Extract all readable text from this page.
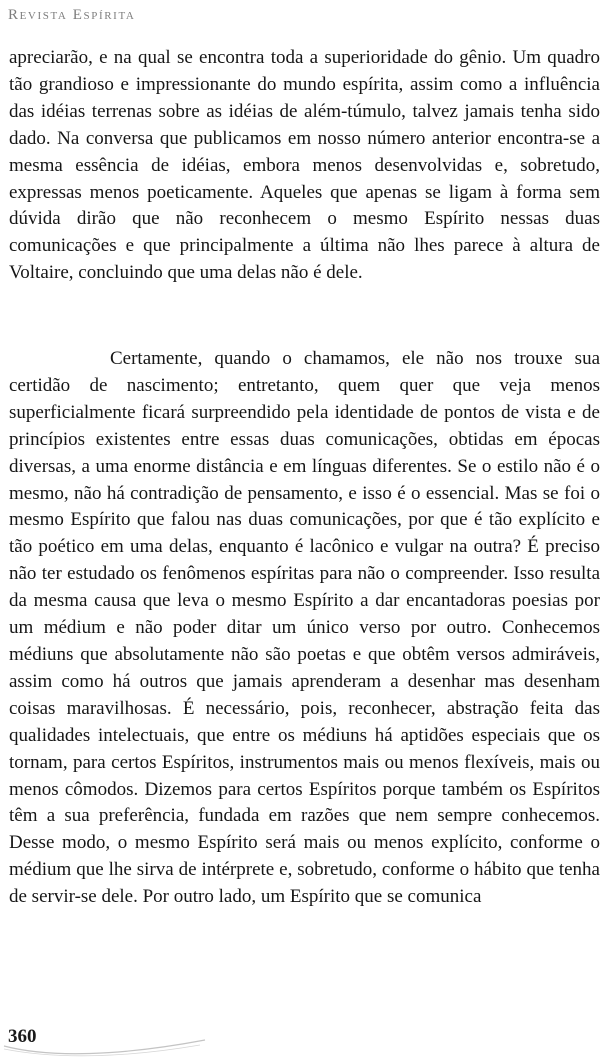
Revista Espírita

apreciarão, e na qual se encontra toda a superioridade do gênio. Um quadro tão grandioso e impressionante do mundo espírita, assim como a influência das idéias terrenas sobre as idéias de além-túmulo, talvez jamais tenha sido dado. Na conversa que publicamos em nosso número anterior encontra-se a mesma essência de idéias, embora menos desenvolvidas e, sobretudo, expressas menos poeticamente. Aqueles que apenas se ligam à forma sem dúvida dirão que não reconhecem o mesmo Espírito nessas duas comunicações e que principalmente a última não lhes parece à altura de Voltaire, concluindo que uma delas não é dele.

Certamente, quando o chamamos, ele não nos trouxe sua certidão de nascimento; entretanto, quem quer que veja menos superficialmente ficará surpreendido pela identidade de pontos de vista e de princípios existentes entre essas duas comunicações, obtidas em épocas diversas, a uma enorme distância e em línguas diferentes. Se o estilo não é o mesmo, não há contradição de pensamento, e isso é o essencial. Mas se foi o mesmo Espírito que falou nas duas comunicações, por que é tão explícito e tão poético em uma delas, enquanto é lacônico e vulgar na outra? É preciso não ter estudado os fenômenos espíritas para não o compreender. Isso resulta da mesma causa que leva o mesmo Espírito a dar encantadoras poesias por um médium e não poder ditar um único verso por outro. Conhecemos médiuns que absolutamente não são poetas e que obtêm versos admiráveis, assim como há outros que jamais aprenderam a desenhar mas desenham coisas maravilhosas. É necessário, pois, reconhecer, abstração feita das qualidades intelectuais, que entre os médiuns há aptidões especiais que os tornam, para certos Espíritos, instrumentos mais ou menos flexíveis, mais ou menos cômodos. Dizemos para certos Espíritos porque também os Espíritos têm a sua preferência, fundada em razões que nem sempre conhecemos. Desse modo, o mesmo Espírito será mais ou menos explícito, conforme o médium que lhe sirva de intérprete e, sobretudo, conforme o hábito que tenha de servir-se dele. Por outro lado, um Espírito que se comunica

360
